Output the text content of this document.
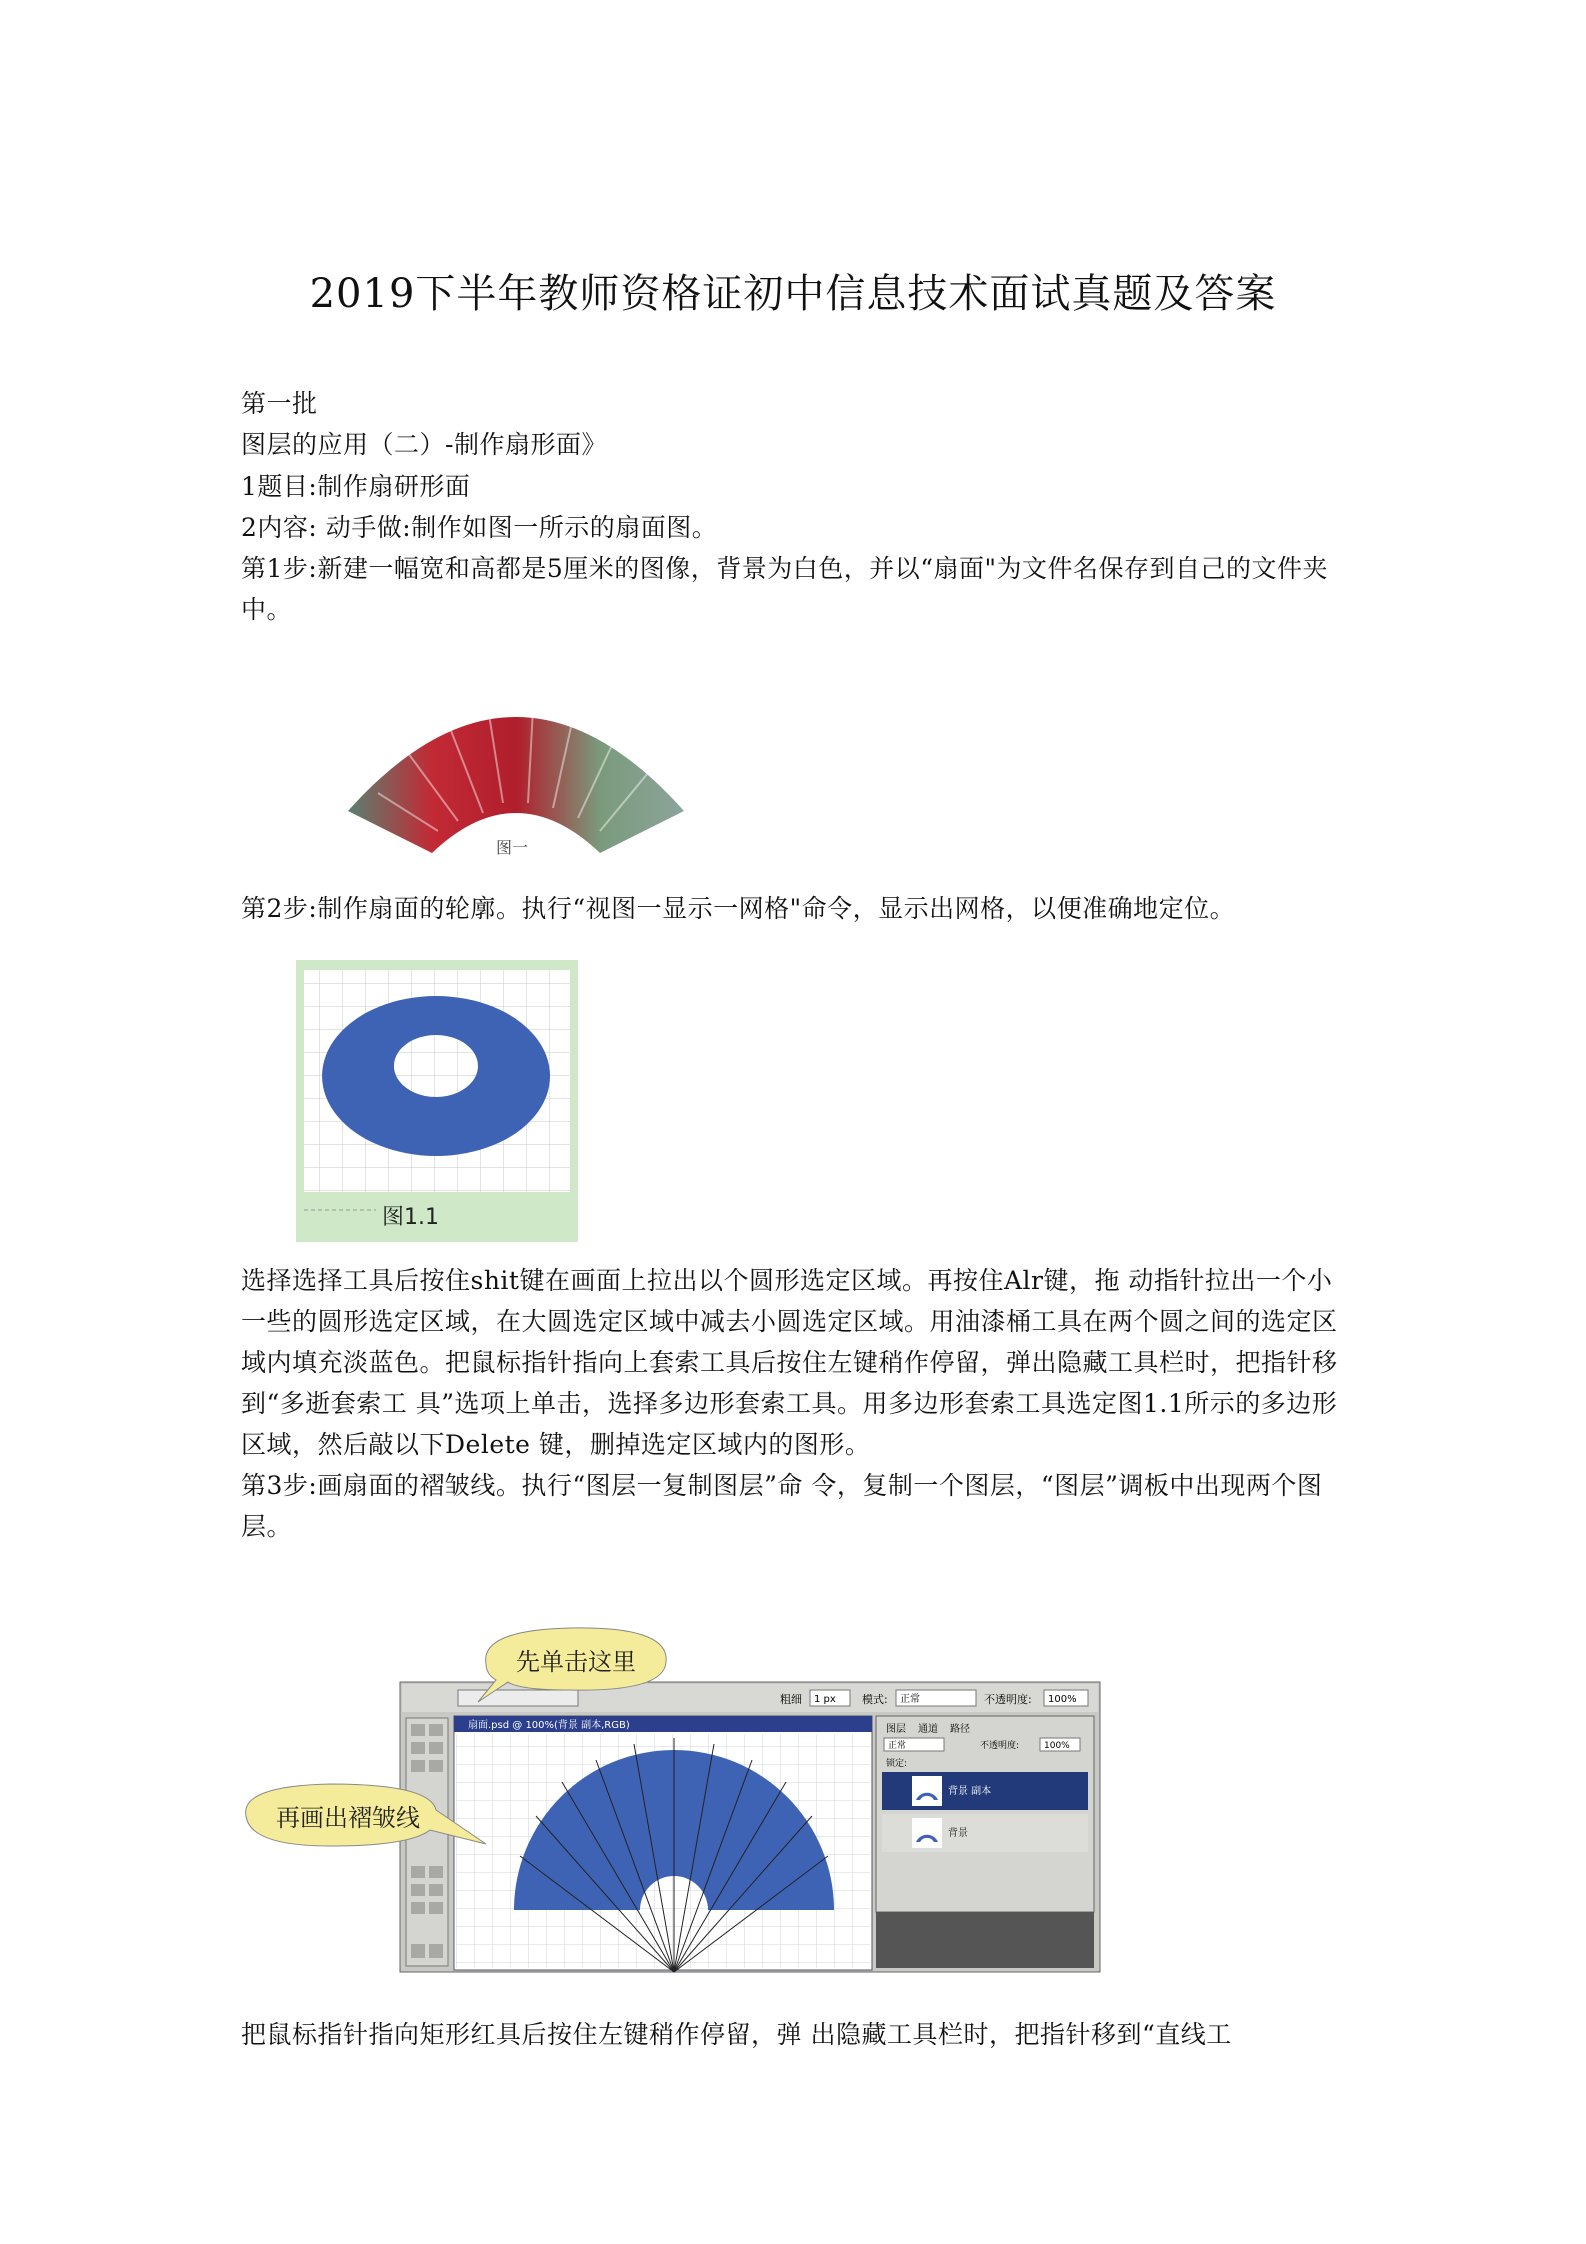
2019下半年教师资格证初中信息技术面试真题及答案
第一批
图层的应用（二）-制作扇形面》
1题目:制作扇研形面
2内容: 动手做:制作如图一所示的扇面图。
第1步:新建一幅宽和高都是5厘米的图像，背景为白色，并以“扇面"为文件名保存到自己的文件夹中。
图一
第2步:制作扇面的轮廓。执行“视图一显示一网格"命令，显示出网格，以便准确地定位。
图1.1
选择选择工具后按住shit键在画面上拉出以个圆形选定区域。再按住Alr键，拖 动指针拉出一个小一些的圆形选定区域，在大圆选定区域中减去小圆选定区域。用油漆桶工具在两个圆之间的选定区域内填充淡蓝色。把鼠标指针指向上套索工具后按住左键稍作停留，弹出隐藏工具栏时，把指针移到“多逝套索工 具”选项上单击，选择多边形套索工具。用多边形套索工具选定图1.1所示的多边形区域，然后敲以下Delete 键，删掉选定区域内的图形。
第3步:画扇面的褶皱线。执行“图层一复制图层”命 令，复制一个图层，“图层”调板中出现两个图层。
粗细 1 px 模式: 正常	不透明度: 100%
扇面.psd @ 100%(背景 副本,RGB)	图层 通道 路径
正常	不透明度:	100%
锁定:
背景 副本
背景
先单击这里
再画出褶皱线
把鼠标指针指向矩形红具后按住左键稍作停留，弹 出隐藏工具栏时，把指针移到“直线工
